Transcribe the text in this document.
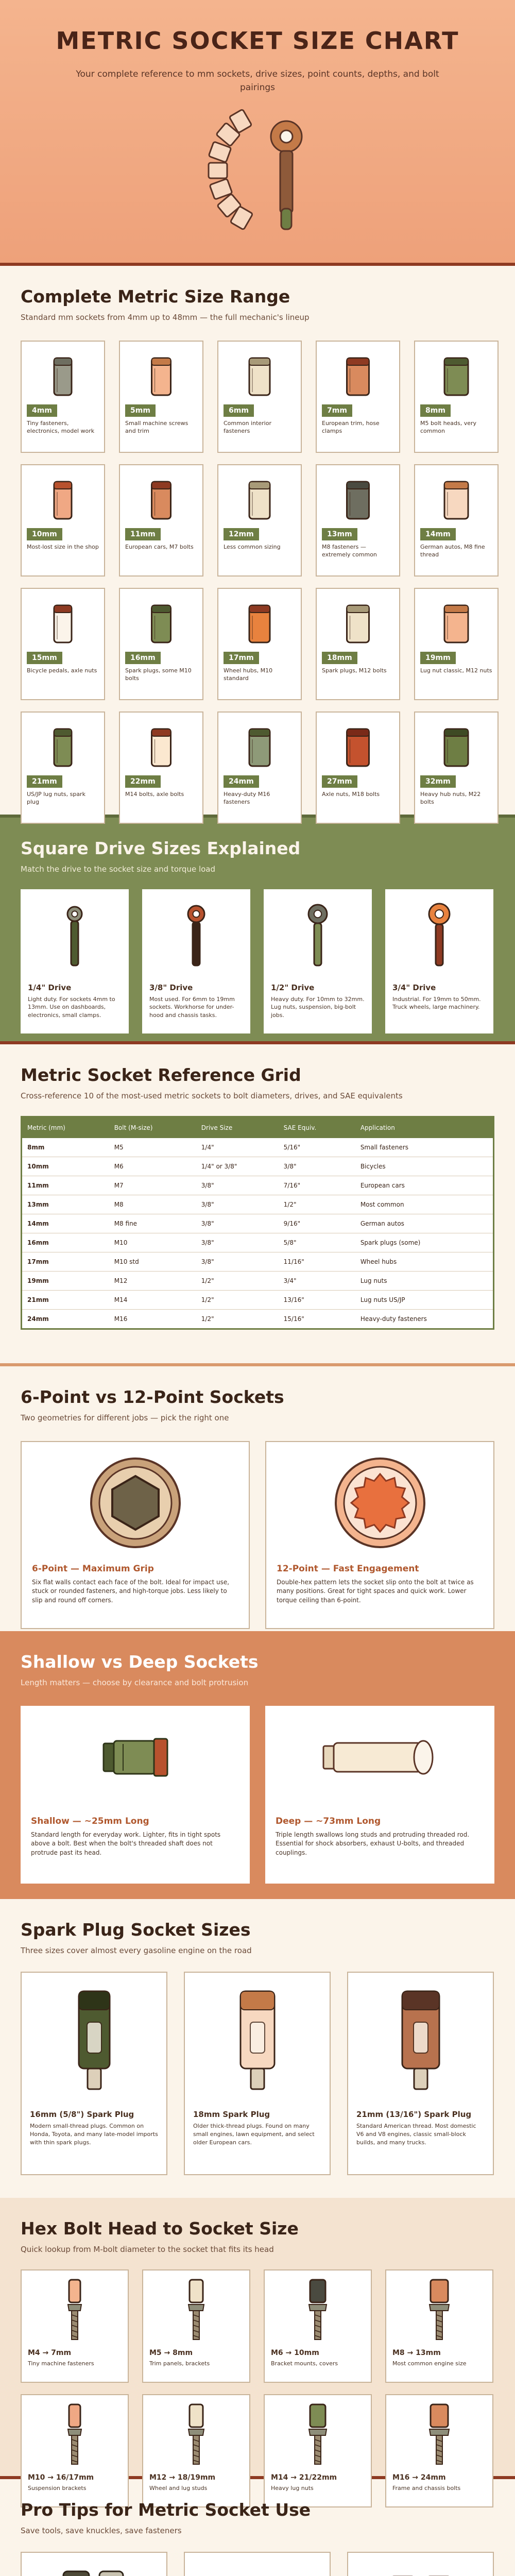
METRIC SOCKET SIZE CHART

Your complete reference to mm sockets, drive sizes, point counts, depths, and bolt pairings

Complete Metric Size Range
Standard mm sockets from 4mm up to 48mm — the full mechanic's lineup
4mm
Tiny fasteners, electronics, model work
5mm
Small machine screws and trim
6mm
Common interior fasteners
7mm
European trim, hose clamps
8mm
M5 bolt heads, very common
10mm
Most-lost size in the shop
11mm
European cars, M7 bolts
12mm
Less common sizing
13mm
M8 fasteners — extremely common
14mm
German autos, M8 fine thread
15mm
Bicycle pedals, axle nuts
16mm
Spark plugs, some M10 bolts
17mm
Wheel hubs, M10 standard
18mm
Spark plugs, M12 bolts
19mm
Lug nut classic, M12 nuts
21mm
US/JP lug nuts, spark plug
22mm
M14 bolts, axle bolts
24mm
Heavy-duty M16 fasteners
27mm
Axle nuts, M18 bolts
32mm
Heavy hub nuts, M22 bolts
Square Drive Sizes Explained
Match the drive to the socket size and torque load
1/4" Drive

Light duty. For sockets 4mm to 13mm. Use on dashboards, electronics, small clamps.

3/8" Drive

Most used. For 6mm to 19mm sockets. Workhorse for under-hood and chassis tasks.

1/2" Drive

Heavy duty. For 10mm to 32mm. Lug nuts, suspension, big-bolt jobs.

3/4" Drive

Industrial. For 19mm to 50mm. Truck wheels, large machinery.

Metric Socket Reference Grid
Cross-reference 10 of the most-used metric sockets to bolt diameters, drives, and SAE equivalents
Metric (mm)	Bolt (M-size)	Drive Size	SAE Equiv.	Application
8mm	M5	1/4"	5/16"	Small fasteners
10mm	M6	1/4" or 3/8"	3/8"	Bicycles
11mm	M7	3/8"	7/16"	European cars
13mm	M8	3/8"	1/2"	Most common
14mm	M8 fine	3/8"	9/16"	German autos
16mm	M10	3/8"	5/8"	Spark plugs (some)
17mm	M10 std	3/8"	11/16"	Wheel hubs
19mm	M12	1/2"	3/4"	Lug nuts
21mm	M14	1/2"	13/16"	Lug nuts US/JP
24mm	M16	1/2"	15/16"	Heavy-duty fasteners
6-Point vs 12-Point Sockets
Two geometries for different jobs — pick the right one
6-Point — Maximum Grip

Six flat walls contact each face of the bolt. Ideal for impact use, stuck or rounded fasteners, and high-torque jobs. Less likely to slip and round off corners.

12-Point — Fast Engagement

Double-hex pattern lets the socket slip onto the bolt at twice as many positions. Great for tight spaces and quick work. Lower torque ceiling than 6-point.

Shallow vs Deep Sockets
Length matters — choose by clearance and bolt protrusion
Shallow — ~25mm Long

Standard length for everyday work. Lighter, fits in tight spots above a bolt. Best when the bolt's threaded shaft does not protrude past its head.

Deep — ~73mm Long

Triple length swallows long studs and protruding threaded rod. Essential for shock absorbers, exhaust U-bolts, and threaded couplings.

Spark Plug Socket Sizes
Three sizes cover almost every gasoline engine on the road
16mm (5/8") Spark Plug

Modern small-thread plugs. Common on Honda, Toyota, and many late-model imports with thin spark plugs.

18mm Spark Plug

Older thick-thread plugs. Found on many small engines, lawn equipment, and select older European cars.

21mm (13/16") Spark Plug

Standard American thread. Most domestic V6 and V8 engines, classic small-block builds, and many trucks.

Hex Bolt Head to Socket Size
Quick lookup from M-bolt diameter to the socket that fits its head
M4 → 7mm

Tiny machine fasteners

M5 → 8mm

Trim panels, brackets

M6 → 10mm

Bracket mounts, covers

M8 → 13mm

Most common engine size

M10 → 16/17mm

Suspension brackets

M12 → 18/19mm

Wheel and lug studs

M14 → 21/22mm

Heavy lug nuts

M16 → 24mm

Frame and chassis bolts

Pro Tips for Metric Socket Use
Save tools, save knuckles, save fasteners
